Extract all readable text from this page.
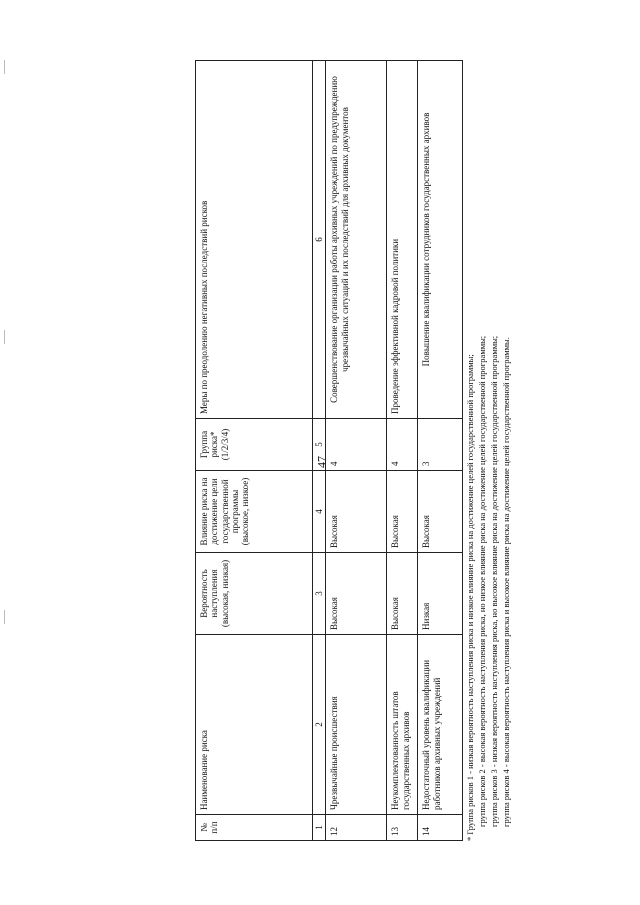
47
№ п/п	Наименование риска	Вероятность наступления (высокая, низкая)	Влияние риска на достижение цели государственной программы (высокое, низкое)	Группа риска* (1/2/3/4)	Меры по преодолению негативных последствий рисков
1	2	3	4	5	6
12	Чрезвычайные происшествия	Высокая	Высокая	4	Совершенствование организации работы архивных учреждений по предупреждению чрезвычайных ситуаций и их последствий для архивных документов
13	Неукомплектованность штатов государственных архивов	Высокая	Высокая	4	Проведение эффективной кадровой политики
14	Недостаточный уровень квалификации работников архивных учреждений	Низкая	Высокая	3	Повышение квалификации сотрудников государственных архивов
* Группа рисков 1 - низкая вероятность наступления риска и низкое влияние риска на достижение целей государственной программы; группа рисков 2 - высокая вероятность наступления риска, но низкое влияние риска на достижение целей государственной программы; группа рисков 3 - низкая вероятность наступления риска, но высокое влияние риска на достижение целей государственной программы; группа рисков 4 - высокая вероятность наступления риска и высокое влияние риска на достижение целей государственной программы.
